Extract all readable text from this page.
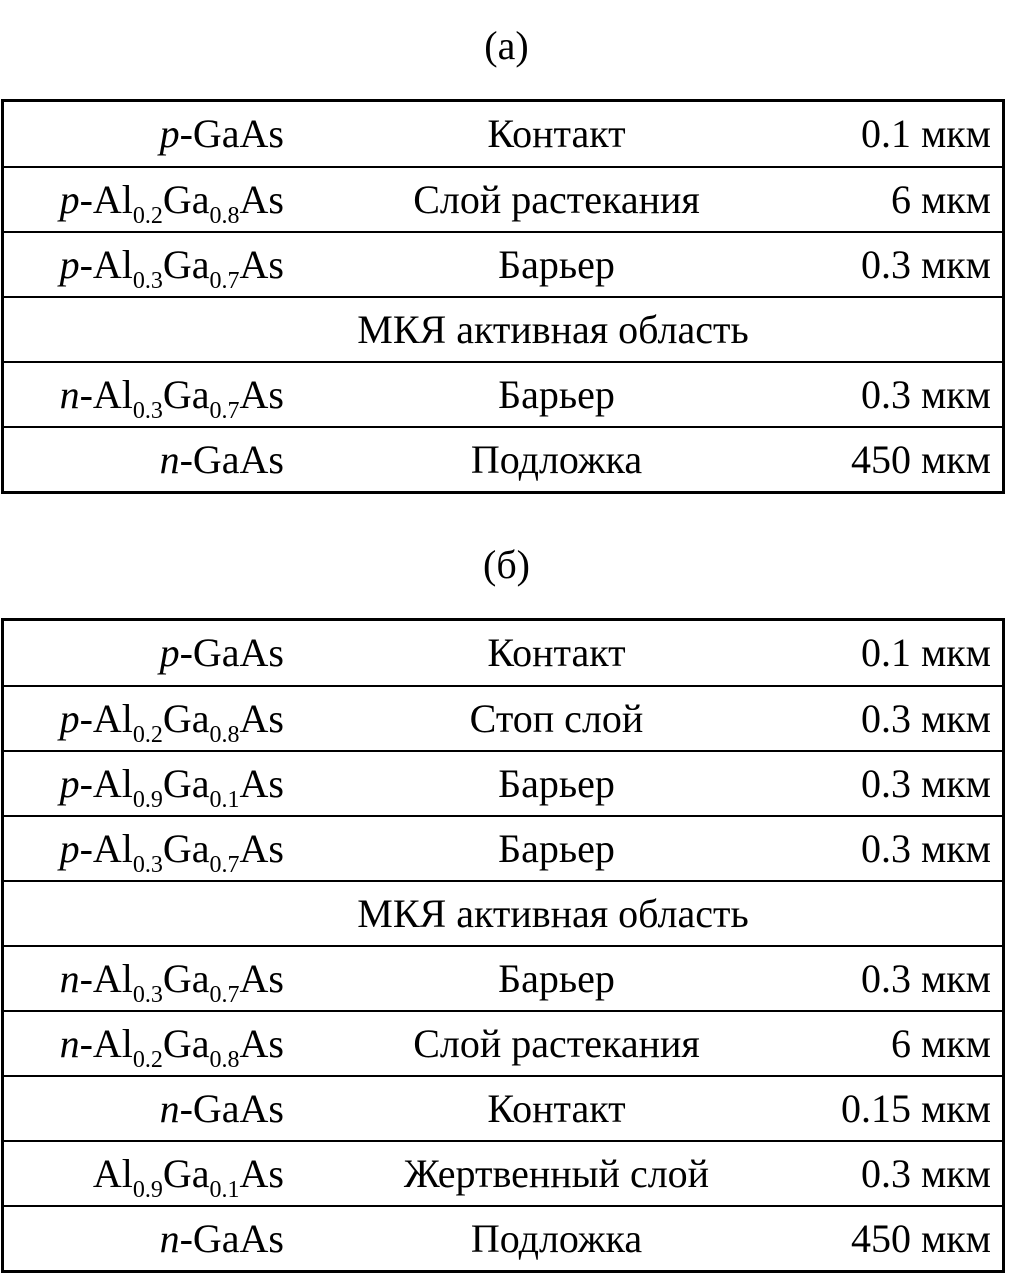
(а)
p-GaAs	Контакт	0.1 мкм
$p-Al_{0.2}Ga_{0.8}As$	Слой растекания	6 мкм
$p-Al_{0.3}Ga_{0.7}As$	Барьер	0.3 мкм
МКЯ активная область
$n-Al_{0.3}Ga_{0.7}As$	Барьер	0.3 мкм
n-GaAs	Подложка	450 мкм
(б)
p-GaAs	Контакт	0.1 мкм
$p-Al_{0.2}Ga_{0.8}As$	Стоп слой	0.3 мкм
$p-Al_{0.9}Ga_{0.1}As$	Барьер	0.3 мкм
$p-Al_{0.3}Ga_{0.7}As$	Барьер	0.3 мкм
МКЯ активная область
$n-Al_{0.3}Ga_{0.7}As$	Барьер	0.3 мкм
$n-Al_{0.2}Ga_{0.8}As$	Слой растекания	6 мкм
n-GaAs	Контакт	0.15 мкм
$Al_{0.9}Ga_{0.1}As$	Жертвенный слой	0.3 мкм
n-GaAs	Подложка	450 мкм
